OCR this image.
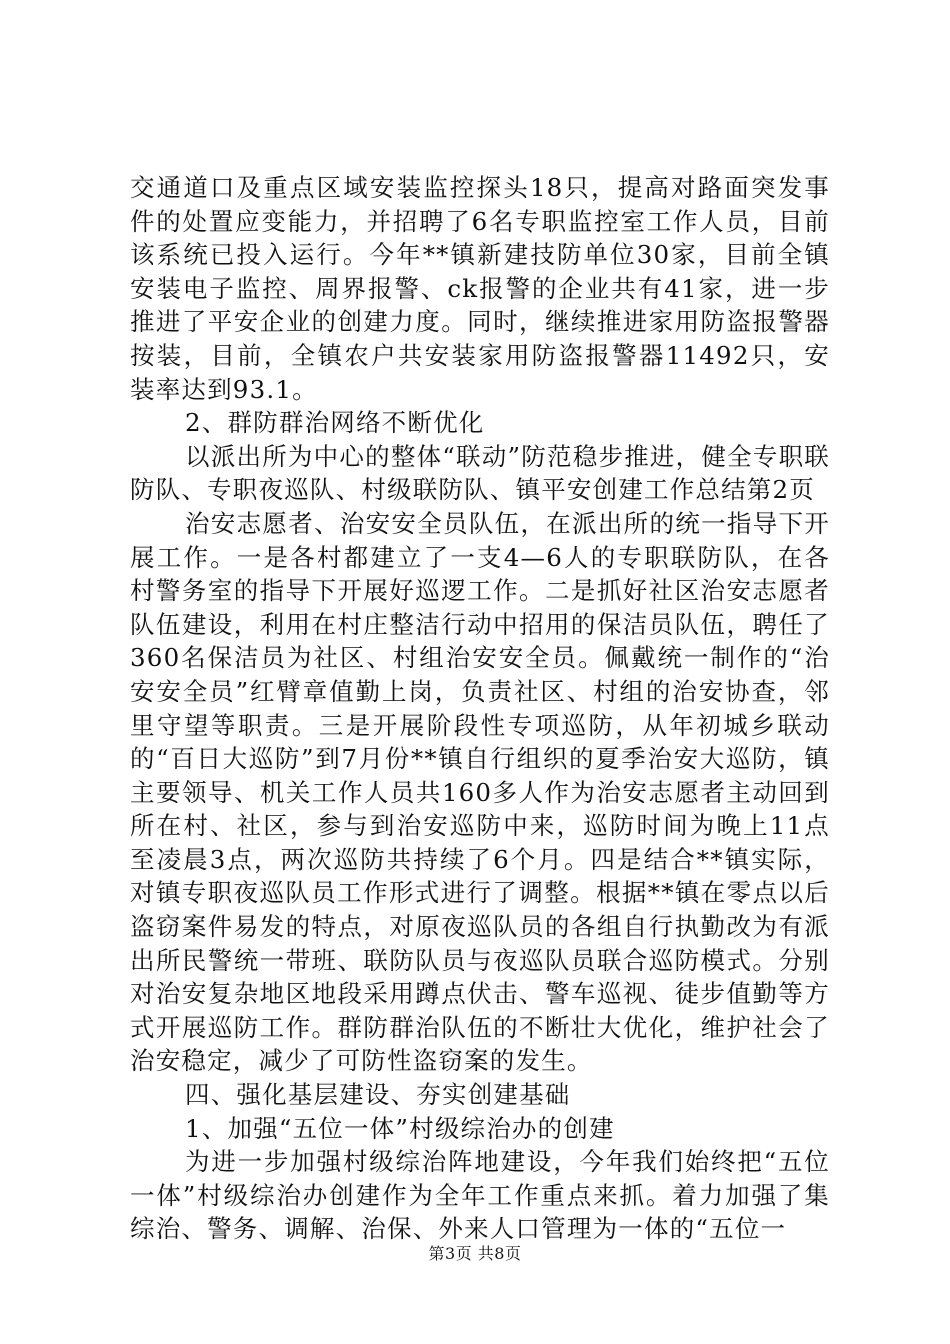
交通道口及重点区域安装监控探头18只，提高对路面突发事件的处置应变能力，并招聘了6名专职监控室工作人员，目前该系统已投入运行。今年**镇新建技防单位30家，目前全镇安装电子监控、周界报警、ck报警的企业共有41家，进一步推进了平安企业的创建力度。同时，继续推进家用防盗报警器按装，目前，全镇农户共安装家用防盗报警器11492只，安装率达到93.1。

2、群防群治网络不断优化

以派出所为中心的整体“联动”防范稳步推进，健全专职联防队、专职夜巡队、村级联防队、镇平安创建工作总结第2页

治安志愿者、治安安全员队伍，在派出所的统一指导下开展工作。一是各村都建立了一支4—6人的专职联防队，在各村警务室的指导下开展好巡逻工作。二是抓好社区治安志愿者队伍建设，利用在村庄整洁行动中招用的保洁员队伍，聘任了360名保洁员为社区、村组治安安全员。佩戴统一制作的“治安安全员”红臂章值勤上岗，负责社区、村组的治安协查，邻里守望等职责。三是开展阶段性专项巡防，从年初城乡联动的“百日大巡防”到7月份**镇自行组织的夏季治安大巡防，镇主要领导、机关工作人员共160多人作为治安志愿者主动回到所在村、社区，参与到治安巡防中来，巡防时间为晚上11点至凌晨3点，两次巡防共持续了6个月。四是结合**镇实际，对镇专职夜巡队员工作形式进行了调整。根据**镇在零点以后盗窃案件易发的特点，对原夜巡队员的各组自行执勤改为有派出所民警统一带班、联防队员与夜巡队员联合巡防模式。分别对治安复杂地区地段采用蹲点伏击、警车巡视、徒步值勤等方式开展巡防工作。群防群治队伍的不断壮大优化，维护社会了治安稳定，减少了可防性盗窃案的发生。

四、强化基层建设、夯实创建基础

1、加强“五位一体”村级综治办的创建

为进一步加强村级综治阵地建设，今年我们始终把“五位一体”村级综治办创建作为全年工作重点来抓。着力加强了集综治、警务、调解、治保、外来人口管理为一体的“五位一

第3页 共8页
